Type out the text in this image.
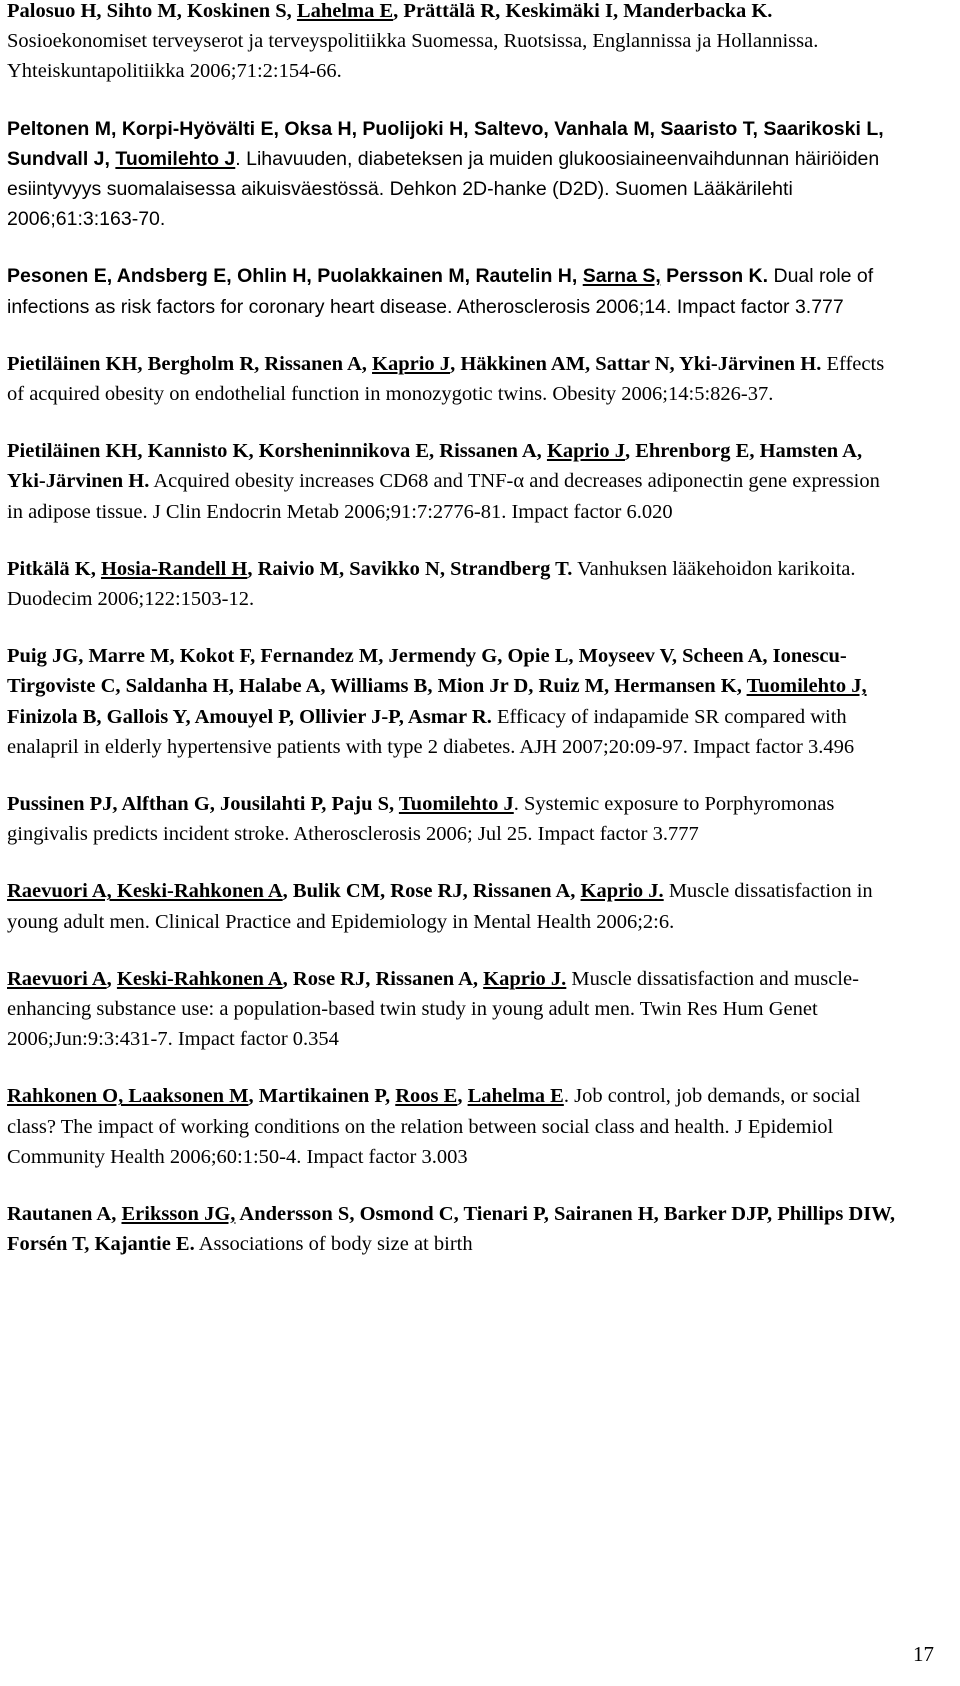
Palosuo H, Sihto M, Koskinen S, Lahelma E, Prättälä R, Keskimäki I, Manderbacka K. Sosioekonomiset terveyserot ja terveyspolitiikka Suomessa, Ruotsissa, Englannissa ja Hollannissa. Yhteiskuntapolitiikka 2006;71:2:154-66.

Peltonen M, Korpi-Hyövälti E, Oksa H, Puolijoki H, Saltevo, Vanhala M, Saaristo T, Saarikoski L, Sundvall J, Tuomilehto J. Lihavuuden, diabeteksen ja muiden glukoosiaineenvaihdunnan häiriöiden esiintyvyys suomalaisessa aikuisväestössä. Dehkon 2D-hanke (D2D). Suomen Lääkärilehti 2006;61:3:163-70.

Pesonen E, Andsberg E, Ohlin H, Puolakkainen M, Rautelin H, Sarna S, Persson K. Dual role of infections as risk factors for coronary heart disease. Atherosclerosis 2006;14. Impact factor 3.777

Pietiläinen KH, Bergholm R, Rissanen A, Kaprio J, Häkkinen AM, Sattar N, Yki-Järvinen H. Effects of acquired obesity on endothelial function in monozygotic twins. Obesity 2006;14:5:826-37.

Pietiläinen KH, Kannisto K, Korsheninnikova E, Rissanen A, Kaprio J, Ehrenborg E, Hamsten A, Yki-Järvinen H. Acquired obesity increases CD68 and TNF-α and decreases adiponectin gene expression in adipose tissue. J Clin Endocrin Metab 2006;91:7:2776-81. Impact factor 6.020

Pitkälä K, Hosia-Randell H, Raivio M, Savikko N, Strandberg T. Vanhuksen lääkehoidon karikoita. Duodecim 2006;122:1503-12.

Puig JG, Marre M, Kokot F, Fernandez M, Jermendy G, Opie L, Moyseev V, Scheen A, Ionescu-Tirgoviste C, Saldanha H, Halabe A, Williams B, Mion Jr D, Ruiz M, Hermansen K, Tuomilehto J, Finizola B, Gallois Y, Amouyel P, Ollivier J-P, Asmar R. Efficacy of indapamide SR compared with enalapril in elderly hypertensive patients with type 2 diabetes. AJH 2007;20:09-97. Impact factor 3.496

Pussinen PJ, Alfthan G, Jousilahti P, Paju S, Tuomilehto J. Systemic exposure to Porphyromonas gingivalis predicts incident stroke. Atherosclerosis 2006; Jul 25. Impact factor 3.777

Raevuori A, Keski-Rahkonen A, Bulik CM, Rose RJ, Rissanen A, Kaprio J. Muscle dissatisfaction in young adult men. Clinical Practice and Epidemiology in Mental Health 2006;2:6.

Raevuori A, Keski-Rahkonen A, Rose RJ, Rissanen A, Kaprio J. Muscle dissatisfaction and muscle-enhancing substance use: a population-based twin study in young adult men. Twin Res Hum Genet 2006;Jun:9:3:431-7. Impact factor 0.354

Rahkonen O, Laaksonen M, Martikainen P, Roos E, Lahelma E. Job control, job demands, or social class? The impact of working conditions on the relation between social class and health. J Epidemiol Community Health 2006;60:1:50-4. Impact factor 3.003

Rautanen A, Eriksson JG, Andersson S, Osmond C, Tienari P, Sairanen H, Barker DJP, Phillips DIW, Forsén T, Kajantie E. Associations of body size at birth

17
